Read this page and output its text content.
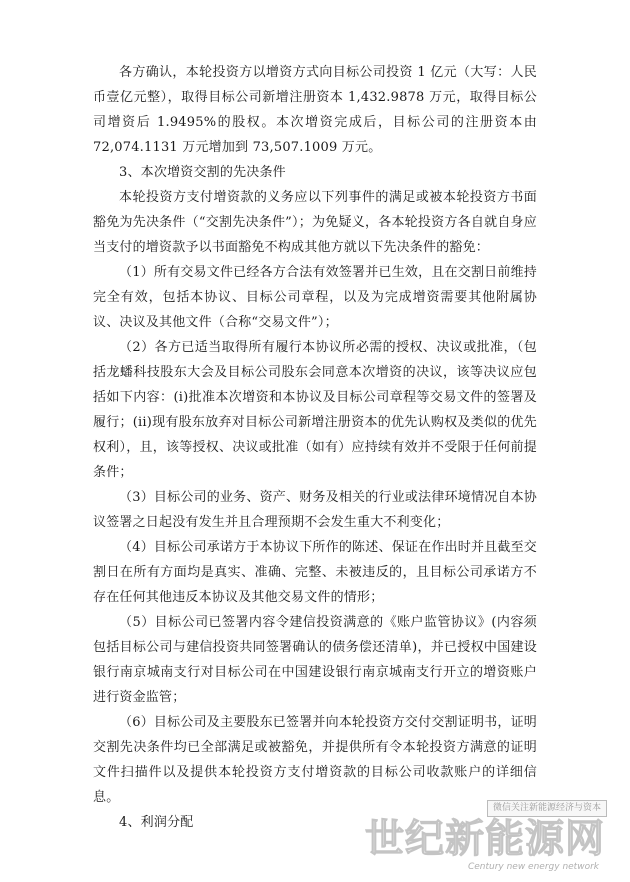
各方确认，本轮投资方以增资方式向目标公司投资 1 亿元（大写：人民币壹亿元整），取得目标公司新增注册资本 1,432.9878 万元，取得目标公司增资后 1.9495%的股权。本次增资完成后，目标公司的注册资本由 72,074.1131 万元增加到 73,507.1009 万元。

3、本次增资交割的先决条件

本轮投资方支付增资款的义务应以下列事件的满足或被本轮投资方书面豁免为先决条件（“交割先决条件”）；为免疑义，各本轮投资方各自就自身应当支付的增资款予以书面豁免不构成其他方就以下先决条件的豁免：

（1）所有交易文件已经各方合法有效签署并已生效，且在交割日前维持完全有效，包括本协议、目标公司章程，以及为完成增资需要其他附属协议、决议及其他文件（合称“交易文件”）；

（2）各方已适当取得所有履行本协议所必需的授权、决议或批准，（包括龙蟠科技股东大会及目标公司股东会同意本次增资的决议，该等决议应包括如下内容：(i)批准本次增资和本协议及目标公司章程等交易文件的签署及履行；(ii)现有股东放弃对目标公司新增注册资本的优先认购权及类似的优先权利），且，该等授权、决议或批准（如有）应持续有效并不受限于任何前提条件；

（3）目标公司的业务、资产、财务及相关的行业或法律环境情况自本协议签署之日起没有发生并且合理预期不会发生重大不利变化；

（4）目标公司承诺方于本协议下所作的陈述、保证在作出时并且截至交割日在所有方面均是真实、准确、完整、未被违反的，且目标公司承诺方不存在任何其他违反本协议及其他交易文件的情形；

（5）目标公司已签署内容令建信投资满意的《账户监管协议》(内容须包括目标公司与建信投资共同签署确认的债务偿还清单)，并已授权中国建设银行南京城南支行对目标公司在中国建设银行南京城南支行开立的增资账户进行资金监管；

（6）目标公司及主要股东已签署并向本轮投资方交付交割证明书，证明交割先决条件均已全部满足或被豁免，并提供所有令本轮投资方满意的证明文件扫描件以及提供本轮投资方支付增资款的目标公司收款账户的详细信息。

4、利润分配

微信关注新能源经济与资本
世纪新能源网
Century new energy network
